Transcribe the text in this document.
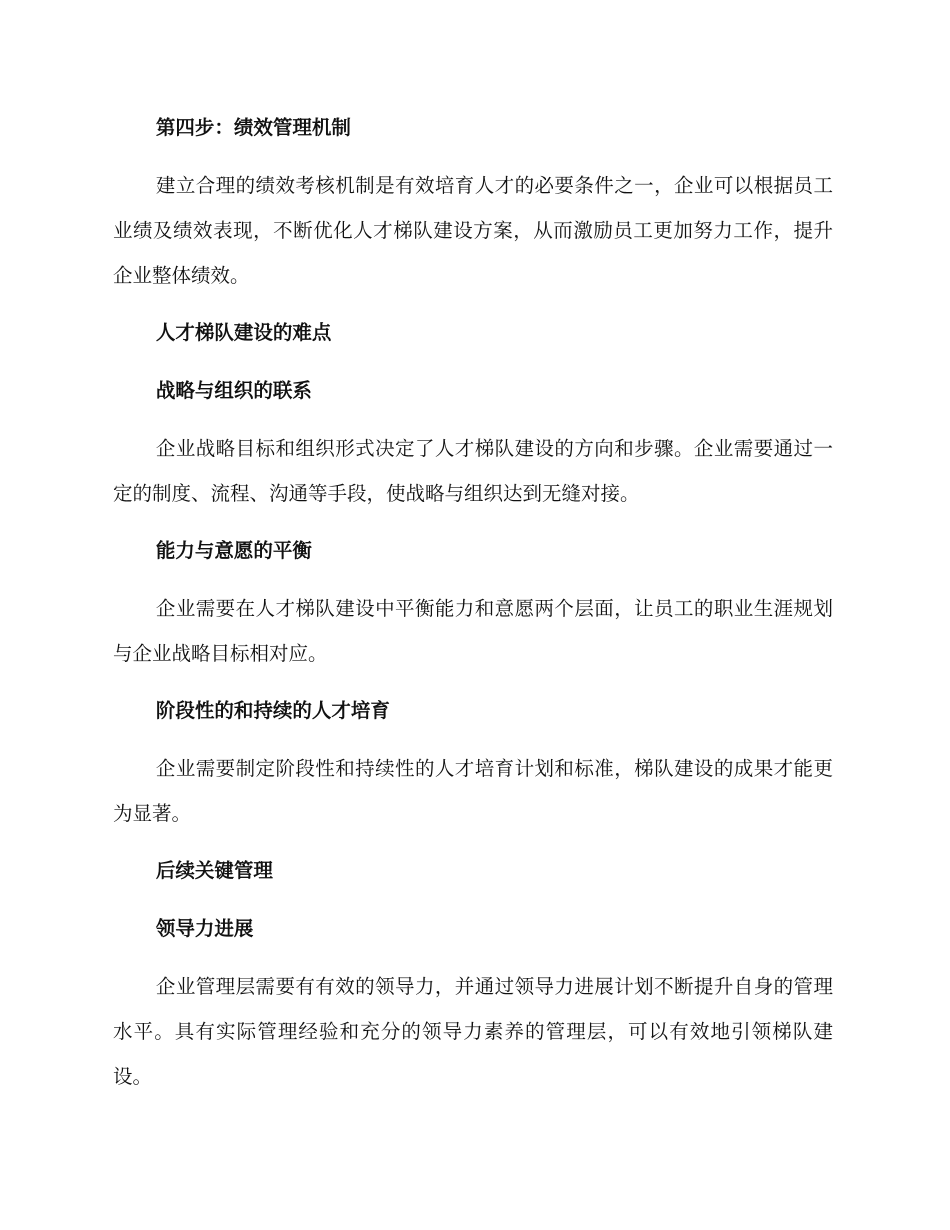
第四步：绩效管理机制

建立合理的绩效考核机制是有效培育人才的必要条件之一，企业可以根据员工业绩及绩效表现，不断优化人才梯队建设方案，从而激励员工更加努力工作，提升企业整体绩效。

人才梯队建设的难点

战略与组织的联系

企业战略目标和组织形式决定了人才梯队建设的方向和步骤。企业需要通过一定的制度、流程、沟通等手段，使战略与组织达到无缝对接。

能力与意愿的平衡

企业需要在人才梯队建设中平衡能力和意愿两个层面，让员工的职业生涯规划与企业战略目标相对应。

阶段性的和持续的人才培育

企业需要制定阶段性和持续性的人才培育计划和标准，梯队建设的成果才能更为显著。

后续关键管理

领导力进展

企业管理层需要有有效的领导力，并通过领导力进展计划不断提升自身的管理水平。具有实际管理经验和充分的领导力素养的管理层，可以有效地引领梯队建设。
